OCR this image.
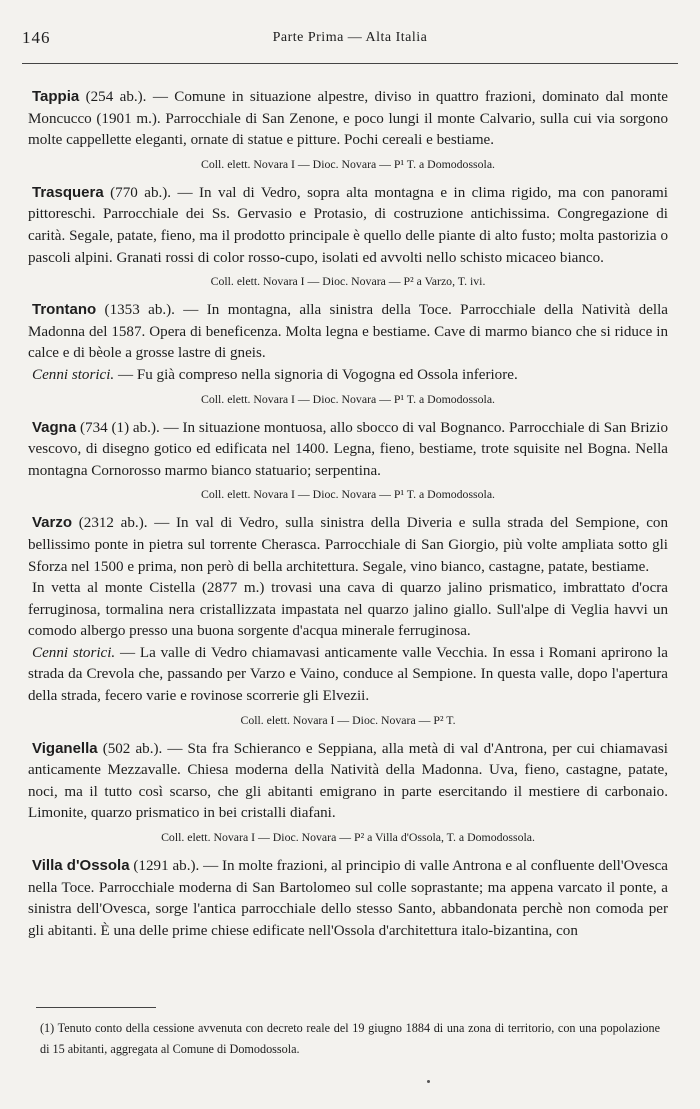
146	Parte Prima — Alta Italia

Tappia (254 ab.). — Comune in situazione alpestre, diviso in quattro frazioni, dominato dal monte Moncucco (1901 m.). Parrocchiale di San Zenone, e poco lungi il monte Calvario, sulla cui via sorgono molte cappellette eleganti, ornate di statue e pitture. Pochi cereali e bestiame.

Coll. elett. Novara I — Dioc. Novara — P¹ T. a Domodossola.

Trasquera (770 ab.). — In val di Vedro, sopra alta montagna e in clima rigido, ma con panorami pittoreschi. Parrocchiale dei Ss. Gervasio e Protasio, di costruzione antichissima. Congregazione di carità. Segale, patate, fieno, ma il prodotto principale è quello delle piante di alto fusto; molta pastorizia o pascoli alpini. Granati rossi di color rosso-cupo, isolati ed avvolti nello schisto micaceo bianco.

Coll. elett. Novara I — Dioc. Novara — P² a Varzo, T. ivi.

Trontano (1353 ab.). — In montagna, alla sinistra della Toce. Parrocchiale della Natività della Madonna del 1587. Opera di beneficenza. Molta legna e bestiame. Cave di marmo bianco che si riduce in calce e di bèole a grosse lastre di gneis.

Cenni storici. — Fu già compreso nella signoria di Vogogna ed Ossola inferiore.

Coll. elett. Novara I — Dioc. Novara — P¹ T. a Domodossola.

Vagna (734 (1) ab.). — In situazione montuosa, allo sbocco di val Bognanco. Parrocchiale di San Brizio vescovo, di disegno gotico ed edificata nel 1400. Legna, fieno, bestiame, trote squisite nel Bogna. Nella montagna Cornorosso marmo bianco statuario; serpentina.

Coll. elett. Novara I — Dioc. Novara — P¹ T. a Domodossola.

Varzo (2312 ab.). — In val di Vedro, sulla sinistra della Diveria e sulla strada del Sempione, con bellissimo ponte in pietra sul torrente Cherasca. Parrocchiale di San Giorgio, più volte ampliata sotto gli Sforza nel 1500 e prima, non però di bella architettura. Segale, vino bianco, castagne, patate, bestiame.

In vetta al monte Cistella (2877 m.) trovasi una cava di quarzo jalino prismatico, imbrattato d'ocra ferruginosa, tormalina nera cristallizzata impastata nel quarzo jalino giallo. Sull'alpe di Veglia havvi un comodo albergo presso una buona sorgente d'acqua minerale ferruginosa.

Cenni storici. — La valle di Vedro chiamavasi anticamente valle Vecchia. In essa i Romani aprirono la strada da Crevola che, passando per Varzo e Vaino, conduce al Sempione. In questa valle, dopo l'apertura della strada, fecero varie e rovinose scorrerie gli Elvezii.

Coll. elett. Novara I — Dioc. Novara — P² T.

Viganella (502 ab.). — Sta fra Schieranco e Seppiana, alla metà di val d'Antrona, per cui chiamavasi anticamente Mezzavalle. Chiesa moderna della Natività della Madonna. Uva, fieno, castagne, patate, noci, ma il tutto così scarso, che gli abitanti emigrano in parte esercitando il mestiere di carbonaio. Limonite, quarzo prismatico in bei cristalli diafani.

Coll. elett. Novara I — Dioc. Novara — P² a Villa d'Ossola, T. a Domodossola.

Villa d'Ossola (1291 ab.). — In molte frazioni, al principio di valle Antrona e al confluente dell'Ovesca nella Toce. Parrocchiale moderna di San Bartolomeo sul colle soprastante; ma appena varcato il ponte, a sinistra dell'Ovesca, sorge l'antica parrocchiale dello stesso Santo, abbandonata perchè non comoda per gli abitanti. È una delle prime chiese edificate nell'Ossola d'architettura italo-bizantina, con

(1) Tenuto conto della cessione avvenuta con decreto reale del 19 giugno 1884 di una zona di territorio, con una popolazione di 15 abitanti, aggregata al Comune di Domodossola.
